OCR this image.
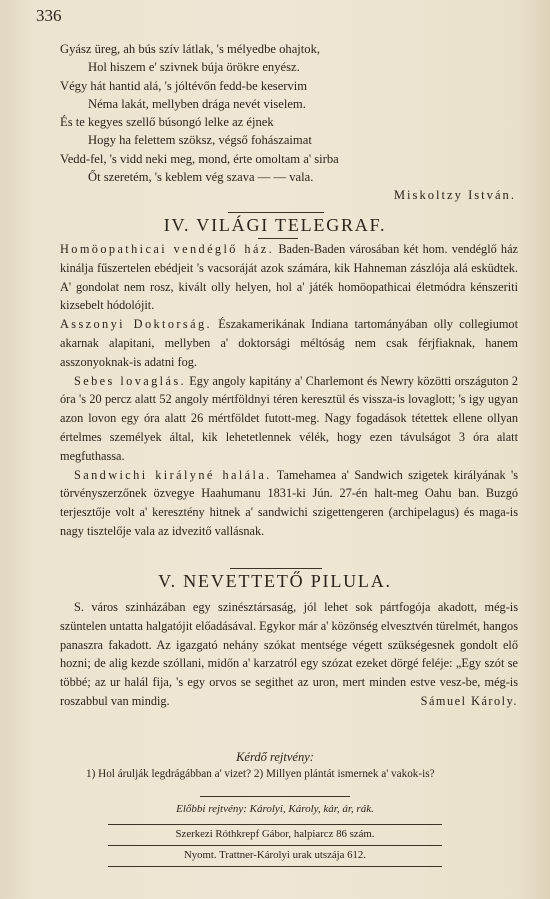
336
Gyász üreg, ah bús szív látlak, 's mélyedbe ohajtok,
Hol hiszem e' szivnek búja örökre enyész.
Végy hát hantid alá, 's jóltévőn fedd-be keservim
Néma lakát, mellyben drága nevét viselem.
És te kegyes szellő búsongó lelke az éjnek
Hogy ha felettem szöksz, végső fohászaimat
Vedd-fel, 's vidd neki meg, mond, érte omoltam a' sirba
Őt szeretém, 's keblem vég szava — — vala.
Miskoltzy István.
IV. VILÁGI TELEGRAF.

Homöopathicai vendéglő ház. Baden-Baden városában két hom. vendéglő ház kinálja fűszertelen ebédjeit 's vacsoráját azok számára, kik Hahneman zászlója alá esküdtek. A' gondolat nem rosz, kivált olly helyen, hol a' játék homöopathicai életmódra kénszeriti kizsebelt hódolójit.

Asszonyi Doktorság. Északamerikának Indiana tartományában olly collegiumot akarnak alapitani, mellyben a' doktorsági méltóság nem csak férjfiaknak, hanem asszonyoknak-is adatni fog.

Sebes lovaglás. Egy angoly kapitány a' Charlemont és Newry közötti országuton 2 óra 's 20 percz alatt 52 angoly mértföldnyi téren keresztül és vissza-is lovaglott; 's igy ugyan azon lovon egy óra alatt 26 mértföldet futott-meg. Nagy fogadások tétettek ellene ollyan értelmes személyek által, kik lehetetlennek vélék, hogy ezen távulságot 3 óra alatt megfuthassa.

Sandwichi királyné halála. Tamehamea a' Sandwich szigetek királyának 's törvényszerzőnek özvegye Haahumanu 1831-ki Jún. 27-én halt-meg Oahu ban. Buzgó terjesztője volt a' keresztény hitnek a' sandwichi szigettengeren (archipelagus) és maga-is nagy tisztelője vala az idvezitő vallásnak.

V. NEVETTETŐ PILULA.

S. város szinházában egy szinésztársaság, jól lehet sok pártfogója akadott, még-is szüntelen untatta halgatójit előadásával. Egykor már a' közönség elvesztvén türelmét, hangos panaszra fakadott. Az igazgató nehány szókat mentsége végett szükségesnek gondolt elő hozni; de alig kezde szóllani, midőn a' karzatról egy szózat ezeket dörgé feléje: „Egy szót se többé; az ur halál fija, 's egy orvos se segithet az uron, mert minden estve vesz-be, még-is roszabbul van mindig.	Sámuel Károly.

Kérdő rejtvény:
1) Hol árulják legdrágábban a' vizet? 2) Millyen plántát ismernek a' vakok-is?
Előbbi rejtvény: Károlyi, Károly, kár, ár, rák.
Szerkezi Róthkrepf Gábor, halpiarcz 86 szám.
Nyomt. Trattner-Károlyi urak utszája 612.
